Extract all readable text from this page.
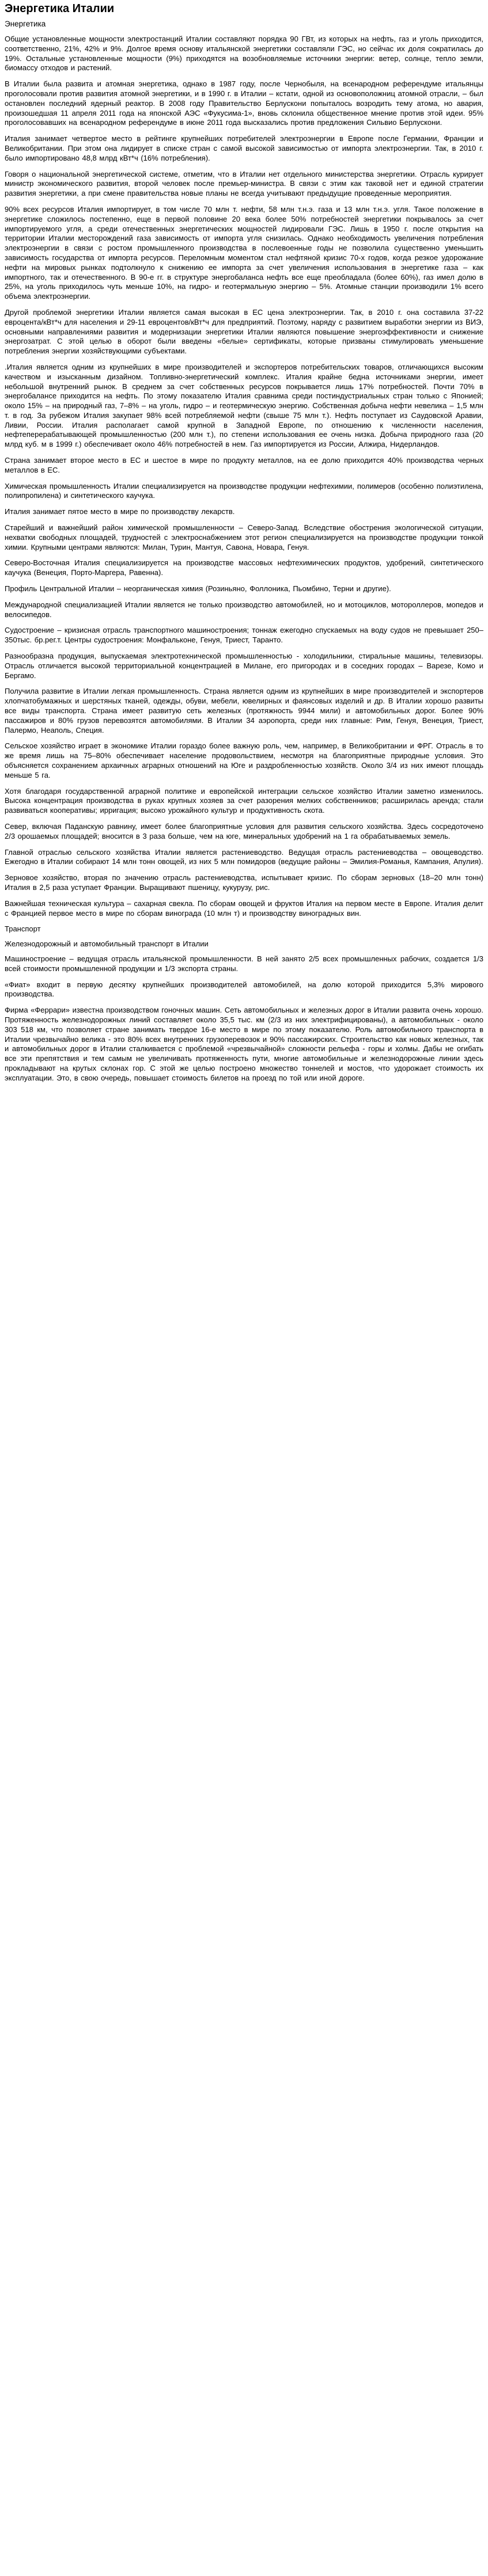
Энергетика Италии
Энергетика

Общие установленные мощности электростанций Италии составляют порядка 90 ГВт, из которых на нефть, газ и уголь приходится, соответственно, 21%, 42% и 9%. Долгое время основу итальянской энергетики составляли ГЭС, но сейчас их доля сократилась до 19%. Остальные установленные мощности (9%) приходятся на возобновляемые источники энергии: ветер, солнце, тепло земли, биомассу отходов и растений.

В Италии была развита и атомная энергетика, однако в 1987 году, после Чернобыля, на всенародном референдуме итальянцы проголосовали против развития атомной энергетики, и в 1990 г. в Италии – кстати, одной из основоположниц атомной отрасли, – был остановлен последний ядерный реактор. В 2008 году Правительство Берлускони попыталось возродить тему атома, но авария, произошедшая 11 апреля 2011 года на японской АЭС «Фукусима-1», вновь склонила общественное мнение против этой идеи. 95% проголосовавших на всенародном референдуме в июне 2011 года высказались против предложения Сильвио Берлускони.

Италия занимает четвертое место в рейтинге крупнейших потребителей электроэнергии в Европе после Германии, Франции и Великобритании. При этом она лидирует в списке стран с самой высокой зависимостью от импорта электроэнергии. Так, в 2010 г. было импортировано 48,8 млрд кВт*ч (16% потребления).

Говоря о национальной энергетической системе, отметим, что в Италии нет отдельного министерства энергетики. Отрасль курирует министр экономического развития, второй человек после премьер-министра. В связи с этим как таковой нет и единой стратегии развития энергетики, а при смене правительства новые планы не всегда учитывают предыдущие проведенные мероприятия.

90% всех ресурсов Италия импортирует, в том числе 70 млн т. нефти, 58 млн т.н.э. газа и 13 млн т.н.э. угля. Такое положение в энергетике сложилось постепенно, еще в первой половине 20 века более 50% потребностей энергетики покрывалось за счет импортируемого угля, а среди отечественных энергетических мощностей лидировали ГЭС. Лишь в 1950 г. после открытия на территории Италии месторождений газа зависимость от импорта угля снизилась. Однако необходимость увеличения потребления электроэнергии в связи с ростом промышленного производства в послевоенные годы не позволила существенно уменьшить зависимость государства от импорта ресурсов. Переломным моментом стал нефтяной кризис 70-х годов, когда резкое удорожание нефти на мировых рынках подтолкнуло к снижению ее импорта за счет увеличения использования в энергетике газа – как импортного, так и отечественного. В 90-е гг. в структуре энергобаланса нефть все еще преобладала (более 60%), газ имел долю в 25%, на уголь приходилось чуть меньше 10%, на гидро- и геотермальную энергию – 5%. Атомные станции производили 1% всего объема электроэнергии.

Другой проблемой энергетики Италии является самая высокая в ЕС цена электроэнергии. Так, в 2010 г. она составила 37-22 евроцента/кВт*ч для населения и 29-11 евроцентов/кВт*ч для предприятий. Поэтому, наряду с развитием выработки энергии из ВИЭ, основными направлениями развития и модернизации энергетики Италии являются повышение энергоэффективности и снижение энергозатрат. С этой целью в оборот были введены «белые» сертификаты, которые призваны стимулировать уменьшение потребления энергии хозяйствующими субъектами.

.Италия является одним из крупнейших в мире производителей и экспортеров потребительских товаров, отличающихся высоким качеством и изысканным дизайном. Топливно-энергетический комплекс. Италия крайне бедна источниками энергии, имеет небольшой внутренний рынок. В среднем за счет собственных ресурсов покрывается лишь 17% потребностей. Почти 70% в энергобалансе приходится на нефть. По этому показателю Италия сравнима среди постиндустриальных стран только с Японией; около 15% – на природный газ, 7–8% – на уголь, гидро – и геотермическую энергию. Собственная добыча нефти невелика – 1,5 млн т. в год. За рубежом Италия закупает 98% всей потребляемой нефти (свыше 75 млн т.). Нефть поступает из Саудовской Аравии, Ливии, России. Италия располагает самой крупной в Западной Европе, по отношению к численности населения, нефтеперерабатывающей промышленностью (200 млн т.), по степени использования ее очень низка. Добыча природного газа (20 млрд куб. м в 1999 г.) обеспечивает около 46% потребностей в нем. Газ импортируется из России, Алжира, Нидерландов.

Страна занимает второе место в ЕС и шестое в мире по продукту металлов, на ее долю приходится 40% производства черных металлов в ЕС.

Химическая промышленность Италии специализируется на производстве продукции нефтехимии, полимеров (особенно полиэтилена, полипропилена) и синтетического каучука.

Италия занимает пятое место в мире по производству лекарств.

Старейший и важнейший район химической промышленности – Северо-Запад. Вследствие обострения экологической ситуации, нехватки свободных площадей, трудностей с электроснабжением этот регион специализируется на производстве продукции тонкой химии. Крупными центрами являются: Милан, Турин, Мантуя, Савона, Новара, Генуя.

Северо-Восточная Италия специализируется на производстве массовых нефтехимических продуктов, удобрений, синтетического каучука (Венеция, Порто-Маргера, Равенна).

Профиль Центральной Италии – неорганическая химия (Розиньяно, Фоллоника, Пьомбино, Терни и другие).

Международной специализацией Италии является не только производство автомобилей, но и мотоциклов, мотороллеров, мопедов и велосипедов.

Судостроение – кризисная отрасль транспортного машиностроения; тоннаж ежегодно спускаемых на воду судов не превышает 250–350тыс. бр.рег.т. Центры судостроения: Монфальконе, Генуя, Триест, Таранто.

Разнообразна продукция, выпускаемая электротехнической промышленностью - холодильники, стиральные машины, телевизоры. Отрасль отличается высокой территориальной концентрацией в Милане, его пригородах и в соседних городах – Варезе, Комо и Бергамо.

Получила развитие в Италии легкая промышленность. Страна является одним из крупнейших в мире производителей и экспортеров хлопчатобумажных и шерстяных тканей, одежды, обуви, мебели, ювелирных и фаянсовых изделий и др. В Италии хорошо развиты все виды транспорта. Страна имеет развитую сеть железных (протяжность 9944 мили) и автомобильных дорог. Более 90% пассажиров и 80% грузов перевозятся автомобилями. В Италии 34 аэропорта, среди них главные: Рим, Генуя, Венеция, Триест, Палермо, Неаполь, Специя.

Сельское хозяйство играет в экономике Италии гораздо более важную роль, чем, например, в Великобритании и ФРГ. Отрасль в то же время лишь на 75–80% обеспечивает население продовольствием, несмотря на благоприятные природные условия. Это объясняется сохранением архаичных аграрных отношений на Юге и раздробленностью хозяйств. Около 3/4 из них имеют площадь меньше 5 га.

Хотя благодаря государственной аграрной политике и европейской интеграции сельское хозяйство Италии заметно изменилось. Высока концентрация производства в руках крупных хозяев за счет разорения мелких собственников; расширилась аренда; стали развиваться кооперативы; ирригация; высоко урожайного культур и продуктивность скота.

Север, включая Паданскую равнину, имеет более благоприятные условия для развития сельского хозяйства. Здесь сосредоточено 2/3 орошаемых площадей; вносится в 3 раза больше, чем на юге, минеральных удобрений на 1 га обрабатываемых земель.

Главной отраслью сельского хозяйства Италии является растениеводство. Ведущая отрасль растениеводства – овощеводство. Ежегодно в Италии собирают 14 млн тонн овощей, из них 5 млн помидоров (ведущие районы – Эмилия-Романья, Кампания, Апулия).

Зерновое хозяйство, вторая по значению отрасль растениеводства, испытывает кризис. По сборам зерновых (18–20 млн тонн) Италия в 2,5 раза уступает Франции. Выращивают пшеницу, кукурузу, рис.

Важнейшая техническая культура – сахарная свекла. По сборам овощей и фруктов Италия на первом месте в Европе. Италия делит с Францией первое место в мире по сборам винограда (10 млн т) и производству виноградных вин.

Транспорт

Железнодорожный и автомобильный транспорт в Италии

Машиностроение – ведущая отрасль итальянской промышленности. В ней занято 2/5 всех промышленных рабочих, создается 1/3 всей стоимости промышленной продукции и 1/3 экспорта страны.

«Фиат» входит в первую десятку крупнейших производителей автомобилей, на долю которой приходится 5,3% мирового производства.

Фирма «Феррари» известна производством гоночных машин. Сеть автомобильных и железных дорог в Италии развита очень хорошо. Протяженность железнодорожных линий составляет около 35,5 тыс. км (2/3 из них электрифицированы), а автомобильных - около 303 518 км, что позволяет стране занимать твердое 16-е место в мире по этому показателю. Роль автомобильного транспорта в Италии чрезвычайно велика - это 80% всех внутренних грузоперевозок и 90% пассажирских. Строительство как новых железных, так и автомобильных дорог в Италии сталкивается с проблемой «чрезвычайной» сложности рельефа - горы и холмы. Дабы не огибать все эти препятствия и тем самым не увеличивать протяженность пути, многие автомобильные и железнодорожные линии здесь прокладывают на крутых склонах гор. С этой же целью построено множество тоннелей и мостов, что удорожает стоимость их эксплуатации. Это, в свою очередь, повышает стоимость билетов на проезд по той или иной дороге.
